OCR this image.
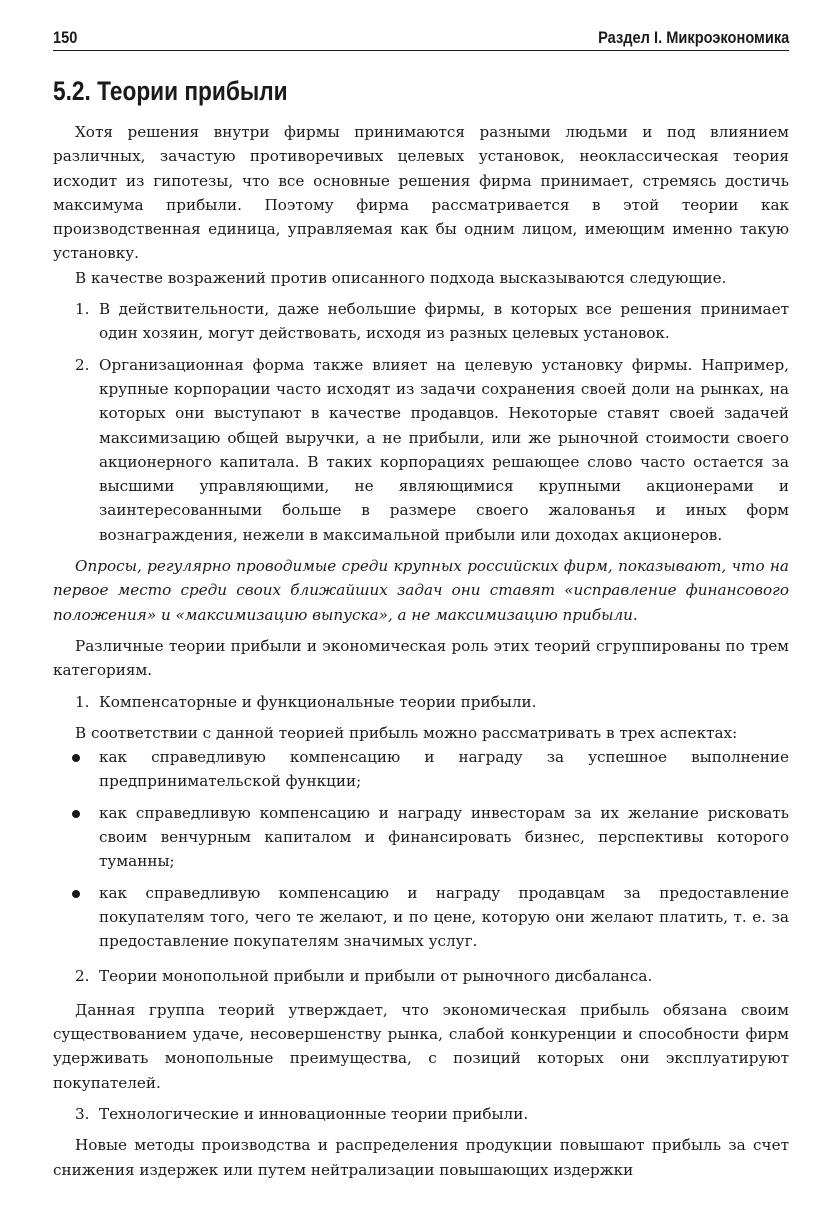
150	Раздел I. Микроэкономика
5.2. Теории прибыли

Хотя решения внутри фирмы принимаются разными людьми и под влиянием различных, зачастую противоречивых целевых установок, неоклассическая теория исходит из гипотезы, что все основные решения фирма принимает, стремясь достичь максимума прибыли. Поэтому фирма рассматривается в этой теории как производственная единица, управляемая как бы одним лицом, имеющим именно такую установку.

В качестве возражений против описанного подхода высказываются следующие.

1. В действительности, даже небольшие фирмы, в которых все решения принимает один хозяин, могут действовать, исходя из разных целевых установок.
2. Организационная форма также влияет на целевую установку фирмы. Например, крупные корпорации часто исходят из задачи сохранения своей доли на рынках, на которых они выступают в качестве продавцов. Некоторые ставят своей задачей максимизацию общей выручки, а не прибыли, или же рыночной стоимости своего акционерного капитала. В таких корпорациях решающее слово часто остается за высшими управляющими, не являющимися крупными акционерами и заинтересованными больше в размере своего жалованья и иных форм вознаграждения, нежели в максимальной прибыли или доходах акционеров.

Опросы, регулярно проводимые среди крупных российских фирм, показывают, что на первое место среди своих ближайших задач они ставят «исправление финансового положения» и «максимизацию выпуска», а не максимизацию прибыли.

Различные теории прибыли и экономическая роль этих теорий сгруппированы по трем категориям.

1. Компенсаторные и функциональные теории прибыли.

В соответствии с данной теорией прибыль можно рассматривать в трех аспектах:

как справедливую компенсацию и награду за успешное выполнение предпринимательской функции;
как справедливую компенсацию и награду инвесторам за их желание рисковать своим венчурным капиталом и финансировать бизнес, перспективы которого туманны;
как справедливую компенсацию и награду продавцам за предоставление покупателям того, чего те желают, и по цене, которую они желают платить, т. е. за предоставление покупателям значимых услуг.
2. Теории монопольной прибыли и прибыли от рыночного дисбаланса.

Данная группа теорий утверждает, что экономическая прибыль обязана своим существованием удаче, несовершенству рынка, слабой конкуренции и способности фирм удерживать монопольные преимущества, с позиций которых они эксплуатируют покупателей.

3. Технологические и инновационные теории прибыли.

Новые методы производства и распределения продукции повышают прибыль за счет снижения издержек или путем нейтрализации повышающих издержки
